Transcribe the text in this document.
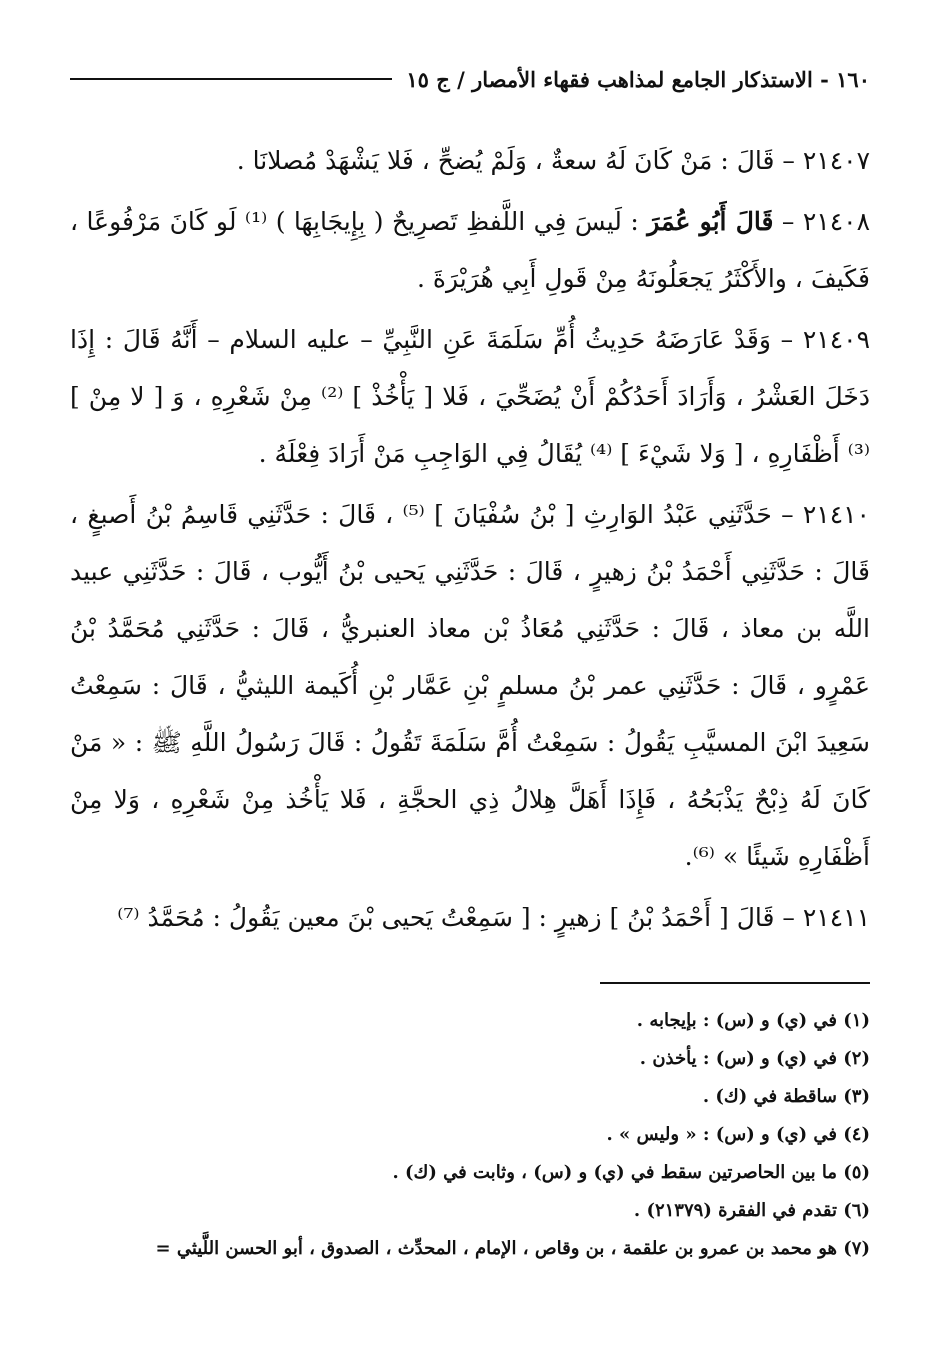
١٦٠ - الاستذكار الجامع لمذاهب فقهاء الأمصار / ج ١٥

٢١٤٠٧ – قَالَ : مَنْ كَانَ لَهُ سعةٌ ، وَلَمْ يُضحِّ ، فَلا يَشْهَدْ مُصلانَا .

٢١٤٠٨ – قَالَ أَبُو عُمَرَ : لَيسَ فِي اللَّفظِ تَصرِيحٌ ( بِإِيجَابِهَا ) ⁽¹⁾ لَو كَانَ مَرْفُوعًا ، فَكَيفَ ، والأَكْثَرُ يَجعَلُونَهُ مِنْ قَولِ أَبِي هُرَيْرَةَ .

٢١٤٠٩ – وَقَدْ عَارَضَهُ حَدِيثُ أُمِّ سَلَمَةَ عَنِ النَّبِيِّ – عليه السلام – أَنَّهُ قَالَ : إِذَا دَخَلَ العَشْرُ ، وَأَرَادَ أَحَدُكُمْ أَنْ يُضَحِّيَ ، فَلا [ يَأْخُذْ ] ⁽²⁾ مِنْ شَعْرِهِ ، وَ [ لا مِنْ ] ⁽³⁾ أَظْفَارِهِ ، [ وَلا شَيْءَ ] ⁽⁴⁾ يُقَالُ فِي الوَاجِبِ مَنْ أَرَادَ فِعْلَهُ .

٢١٤١٠ – حَدَّثَنِي عَبْدُ الوَارِثِ [ بْنُ سُفْيَانَ ] ⁽⁵⁾ ، قَالَ : حَدَّثَنِي قَاسِمُ بْنُ أَصبغٍ ، قَالَ : حَدَّثَنِي أَحْمَدُ بْنُ زهيرٍ ، قَالَ : حَدَّثَنِي يَحيى بْنُ أَيُّوب ، قَالَ : حَدَّثَنِي عبيد اللَّه بن معاذ ، قَالَ : حَدَّثَنِي مُعَاذُ بْن معاذ العنبريُّ ، قَالَ : حَدَّثَنِي مُحَمَّدُ بْنُ عَمْرٍو ، قَالَ : حَدَّثَنِي عمر بْنُ مسلمٍ بْنِ عَمَّار بْنِ أُكَيمة الليثيُّ ، قَالَ : سَمِعْتُ سَعِيدَ ابْنَ المسيَّبِ يَقُولُ : سَمِعْتُ أُمَّ سَلَمَةَ تَقُولُ : قَالَ رَسُولُ اللَّهِ ﷺ : « مَنْ كَانَ لَهُ ذِبْحٌ يَذْبَحُهُ ، فَإِذَا أَهَلَّ هِلالُ ذِي الحجَّةِ ، فَلا يَأْخُذ مِنْ شَعْرِهِ ، وَلا مِنْ أَظْفَارِهِ شَيئًا » ⁽⁶⁾.

٢١٤١١ – قَالَ [ أَحْمَدُ بْنُ ] زهيرٍ : [ سَمِعْتُ يَحيى بْنَ معين يَقُولُ : مُحَمَّدُ ⁽⁷⁾

(١) في (ي) و (س) : بإيجابه .
(٢) في (ي) و (س) : يأخذن .
(٣) ساقطة في (ك) .
(٤) في (ي) و (س) : « وليس » .
(٥) ما بين الحاصرتين سقط في (ي) و (س) ، وثابت في (ك) .
(٦) تقدم في الفقرة (٢١٣٧٩) .
(٧) هو محمد بن عمرو بن علقمة ، بن وقاص ، الإمام ، المحدِّث ، الصدوق ، أبو الحسن اللَّيثي =
